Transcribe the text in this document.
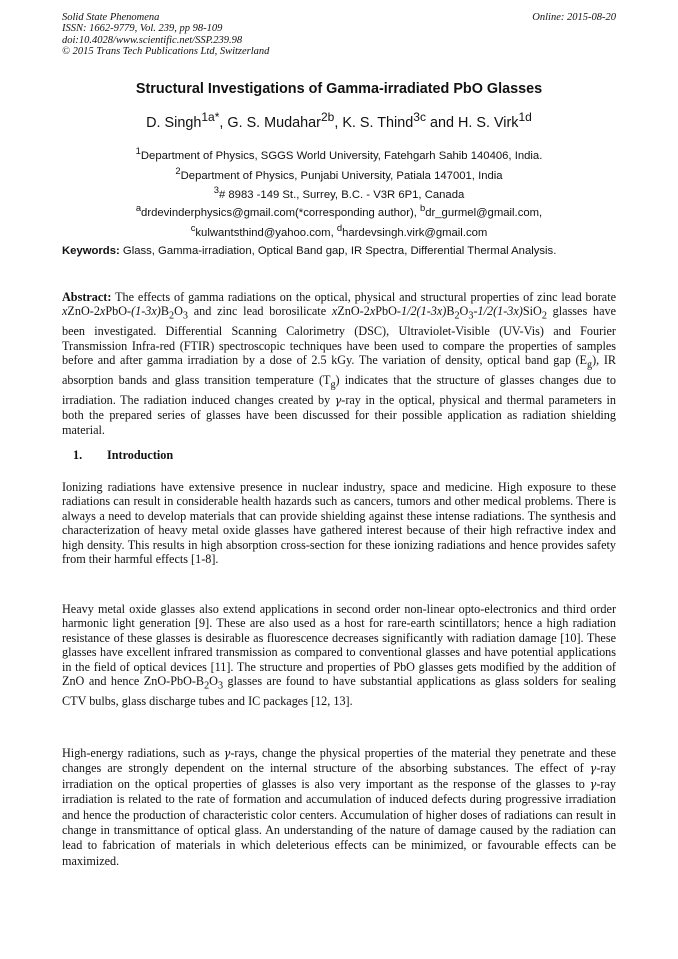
Solid State Phenomena
ISSN: 1662-9779, Vol. 239, pp 98-109
doi:10.4028/www.scientific.net/SSP.239.98
© 2015 Trans Tech Publications Ltd, Switzerland
Online: 2015-08-20
Structural Investigations of Gamma-irradiated PbO Glasses
D. Singh$^{1a*}$, G. S. Mudahar$^{2b}$, K. S. Thind$^{3c}$ and H. S. Virk$^{1d}$
$^1$Department of Physics, SGGS World University, Fatehgarh Sahib 140406, India.
$^2$Department of Physics, Punjabi University, Patiala 147001, India
$^3$# 8983 -149 St., Surrey, B.C. - V3R 6P1, Canada
$^a$drdevinderphysics@gmail.com(*corresponding author), $^b$dr_gurmel@gmail.com,
$^c$kulwantsthind@yahoo.com, $^d$hardevsingh.virk@gmail.com
Keywords: Glass, Gamma-irradiation, Optical Band gap, IR Spectra, Differential Thermal Analysis.
Abstract: The effects of gamma radiations on the optical, physical and structural properties of zinc lead borate xZnO-$2xPbO-(1-3x)B_2O_3$ and zinc lead borosilicate xZnO-$2xPbO-1/2(1-3x)B_2O_3-1/2(1-3x)SiO_2$ glasses have been investigated. Differential Scanning Calorimetry (DSC), Ultraviolet-Visible (UV-Vis) and Fourier Transmission Infra-red (FTIR) spectroscopic techniques have been used to compare the properties of samples before and after gamma irradiation by a dose of 2.5 kGy. The variation of density, optical band gap $(E_g)$, IR absorption bands and glass transition temperature $(T_g)$ indicates that the structure of glasses changes due to irradiation. The radiation induced changes created by γ-ray in the optical, physical and thermal parameters in both the prepared series of glasses have been discussed for their possible application as radiation shielding material.
1. Introduction
Ionizing radiations have extensive presence in nuclear industry, space and medicine. High exposure to these radiations can result in considerable health hazards such as cancers, tumors and other medical problems. There is always a need to develop materials that can provide shielding against these intense radiations. The synthesis and characterization of heavy metal oxide glasses have gathered interest because of their high refractive index and high density. This results in high absorption cross-section for these ionizing radiations and hence provides safety from their harmful effects [1-8].
Heavy metal oxide glasses also extend applications in second order non-linear opto-electronics and third order harmonic light generation [9]. These are also used as a host for rare-earth scintillators; hence a high radiation resistance of these glasses is desirable as fluorescence decreases significantly with radiation damage [10]. These glasses have excellent infrared transmission as compared to conventional glasses and have potential applications in the field of optical devices [11]. The structure and properties of PbO glasses gets modified by the addition of ZnO and hence ZnO-$PbO-B_2O_3$ glasses are found to have substantial applications as glass solders for sealing CTV bulbs, glass discharge tubes and IC packages [12, 13].
High-energy radiations, such as γ-rays, change the physical properties of the material they penetrate and these changes are strongly dependent on the internal structure of the absorbing substances. The effect of γ-ray irradiation on the optical properties of glasses is also very important as the response of the glasses to γ-ray irradiation is related to the rate of formation and accumulation of induced defects during progressive irradiation and hence the production of characteristic color centers. Accumulation of higher doses of radiations can result in change in transmittance of optical glass. An understanding of the nature of damage caused by the radiation can lead to fabrication of materials in which deleterious effects can be minimized, or favourable effects can be maximized.
